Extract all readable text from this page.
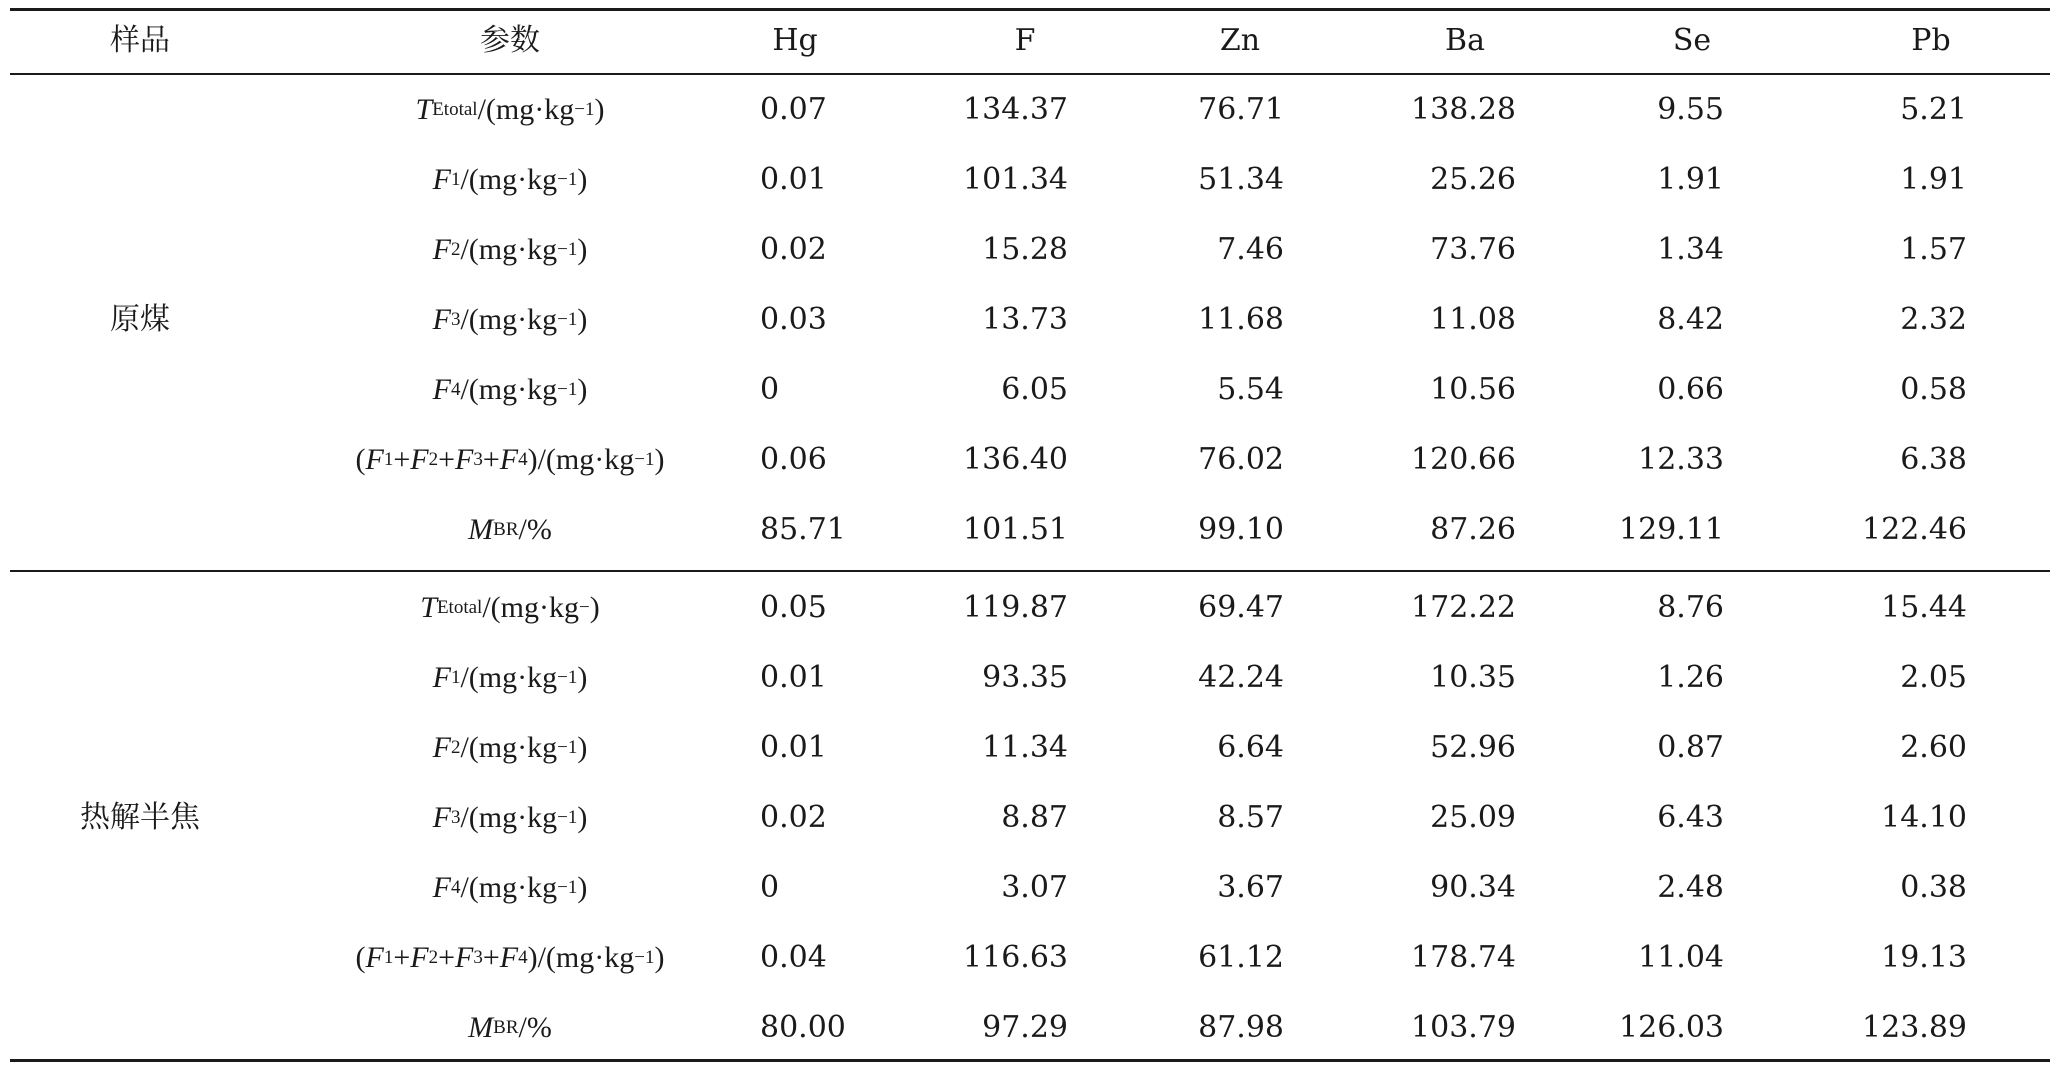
样品	参数	Hg	F	Zn	Ba	Se	Pb
原煤
T Etotal /(mg·kg −1 )	0.07	134.37	76.71	138.28	9.55	5.21
F 1 /(mg·kg −1 )	0.01	101.34	51.34	25.26	1.91	1.91
F 2 /(mg·kg −1 )	0.02	15.28	7.46	73.76	1.34	1.57
F 3 /(mg·kg −1 )	0.03	13.73	11.68	11.08	8.42	2.32
F 4 /(mg·kg −1 )	0	6.05	5.54	10.56	0.66	0.58
( F 1 + F 2 + F 3 + F 4 ) /(mg·kg −1 )	0.06	136.40	76.02	120.66	12.33	6.38
M BR /%	85.71	101.51	99.10	87.26	129.11	122.46
热解半焦
T Etotal /(mg·kg − )	0.05	119.87	69.47	172.22	8.76	15.44
F 1 /(mg·kg −1 )	0.01	93.35	42.24	10.35	1.26	2.05
F 2 /(mg·kg −1 )	0.01	11.34	6.64	52.96	0.87	2.60
F 3 /(mg·kg −1 )	0.02	8.87	8.57	25.09	6.43	14.10
F 4 /(mg·kg −1 )	0	3.07	3.67	90.34	2.48	0.38
( F 1 + F 2 + F 3 + F 4 ) /(mg·kg −1 )	0.04	116.63	61.12	178.74	11.04	19.13
M BR /%	80.00	97.29	87.98	103.79	126.03	123.89
